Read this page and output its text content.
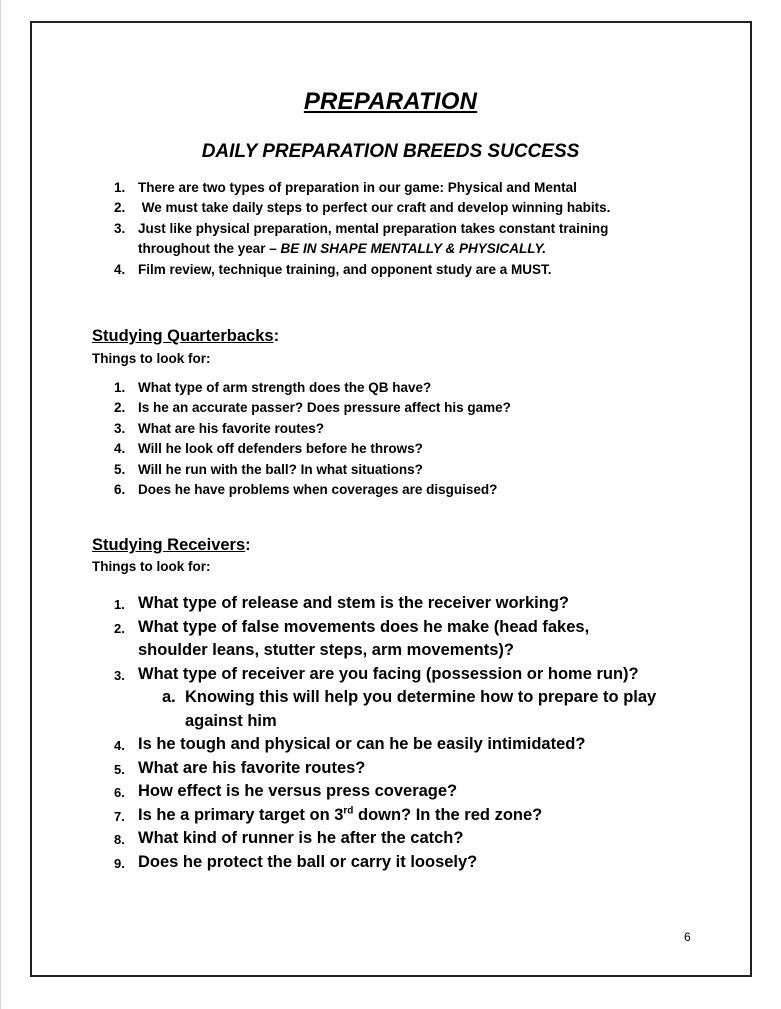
PREPARATION
DAILY PREPARATION BREEDS SUCCESS
1. There are two types of preparation in our game: Physical and Mental
2. We must take daily steps to perfect our craft and develop winning habits.
3. Just like physical preparation, mental preparation takes constant training throughout the year – BE IN SHAPE MENTALLY & PHYSICALLY.
4. Film review, technique training, and opponent study are a MUST.

Studying Quarterbacks:

Things to look for:

1. What type of arm strength does the QB have?
2. Is he an accurate passer? Does pressure affect his game?
3. What are his favorite routes?
4. Will he look off defenders before he throws?
5. Will he run with the ball? In what situations?
6. Does he have problems when coverages are disguised?

Studying Receivers:

Things to look for:

1. What type of release and stem is the receiver working?
2. What type of false movements does he make (head fakes, shoulder leans, stutter steps, arm movements)?
3. What type of receiver are you facing (possession or home run)?
a. Knowing this will help you determine how to prepare to play against him
4. Is he tough and physical or can he be easily intimidated?
5. What are his favorite routes?
6. How effect is he versus press coverage?
7. Is he a primary target on 3rd down? In the red zone?
8. What kind of runner is he after the catch?
9. Does he protect the ball or carry it loosely?

6
